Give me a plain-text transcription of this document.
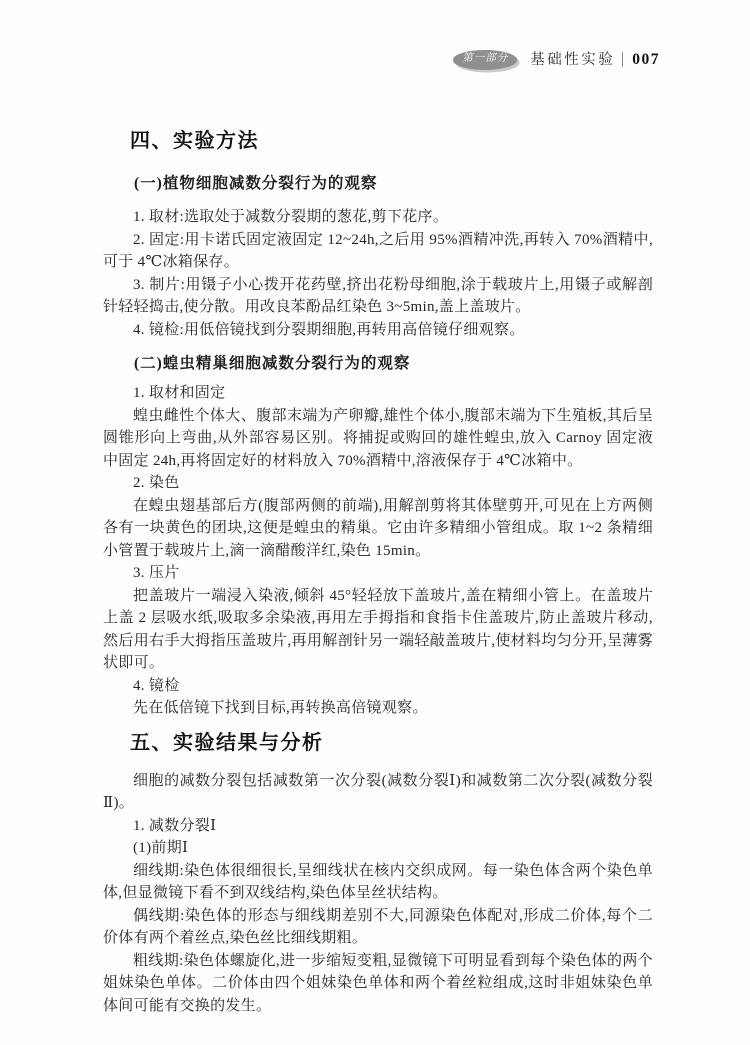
第一部分	基础性实验 007
四、实验方法
(一)植物细胞减数分裂行为的观察

1. 取材:选取处于减数分裂期的葱花,剪下花序。

2. 固定:用卡诺氏固定液固定 12~24h,之后用 95%酒精冲洗,再转入 70%酒精中,可于 4℃冰箱保存。

3. 制片:用镊子小心拨开花药壁,挤出花粉母细胞,涂于载玻片上,用镊子或解剖针轻轻捣击,使分散。用改良苯酚品红染色 3~5min,盖上盖玻片。

4. 镜检:用低倍镜找到分裂期细胞,再转用高倍镜仔细观察。

(二)蝗虫精巢细胞减数分裂行为的观察

1. 取材和固定

蝗虫雌性个体大、腹部末端为产卵瓣,雄性个体小,腹部末端为下生殖板,其后呈圆锥形向上弯曲,从外部容易区别。将捕捉或购回的雄性蝗虫,放入 Carnoy 固定液中固定 24h,再将固定好的材料放入 70%酒精中,溶液保存于 4℃冰箱中。

2. 染色

在蝗虫翅基部后方(腹部两侧的前端),用解剖剪将其体壁剪开,可见在上方两侧各有一块黄色的团块,这便是蝗虫的精巢。它由许多精细小管组成。取 1~2 条精细小管置于载玻片上,滴一滴醋酸洋红,染色 15min。

3. 压片

把盖玻片一端浸入染液,倾斜 45°轻轻放下盖玻片,盖在精细小管上。在盖玻片上盖 2 层吸水纸,吸取多余染液,再用左手拇指和食指卡住盖玻片,防止盖玻片移动,然后用右手大拇指压盖玻片,再用解剖针另一端轻敲盖玻片,使材料均匀分开,呈薄雾状即可。

4. 镜检

先在低倍镜下找到目标,再转换高倍镜观察。

五、实验结果与分析

细胞的减数分裂包括减数第一次分裂(减数分裂Ⅰ)和减数第二次分裂(减数分裂Ⅱ)。

1. 减数分裂Ⅰ

(1)前期Ⅰ

细线期:染色体很细很长,呈细线状在核内交织成网。每一染色体含两个染色单体,但显微镜下看不到双线结构,染色体呈丝状结构。

偶线期:染色体的形态与细线期差别不大,同源染色体配对,形成二价体,每个二价体有两个着丝点,染色丝比细线期粗。

粗线期:染色体螺旋化,进一步缩短变粗,显微镜下可明显看到每个染色体的两个姐妹染色单体。二价体由四个姐妹染色单体和两个着丝粒组成,这时非姐妹染色单体间可能有交换的发生。
